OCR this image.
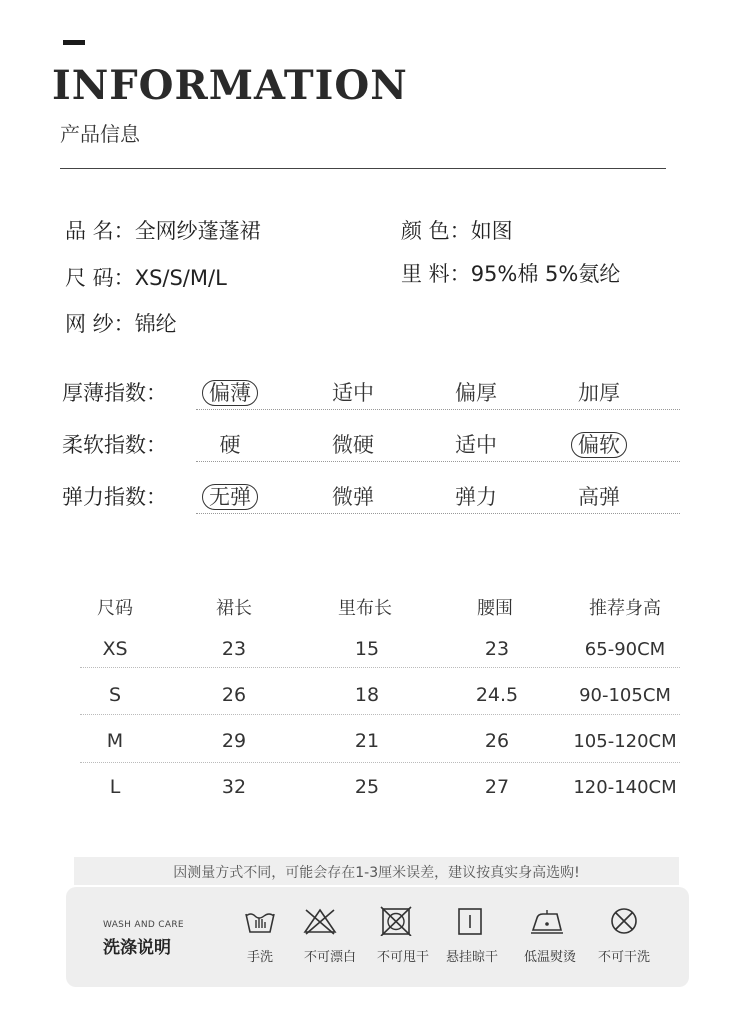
INFORMATION
产品信息
品 名：全网纱蓬蓬裙
尺 码：XS/S/M/L
网 纱：锦纶
颜 色：如图
里 料：95%棉 5%氨纶
厚薄指数：	偏薄	适中	偏厚	加厚
柔软指数：	硬	微硬	适中	偏软
弹力指数：	无弹	微弹	弹力	高弹
尺码	裙长	里布长	腰围	推荐身高
XS	23	15	23	65-90CM
S	26	18	24.5	90-105CM
M	29	21	26	105-120CM
L	32	25	27	120-140CM
因测量方式不同，可能会存在1-3厘米误差，建议按真实身高选购!
WASH AND CARE
洗涤说明	手洗	不可漂白	不可甩干	悬挂晾干	低温熨烫	不可干洗
